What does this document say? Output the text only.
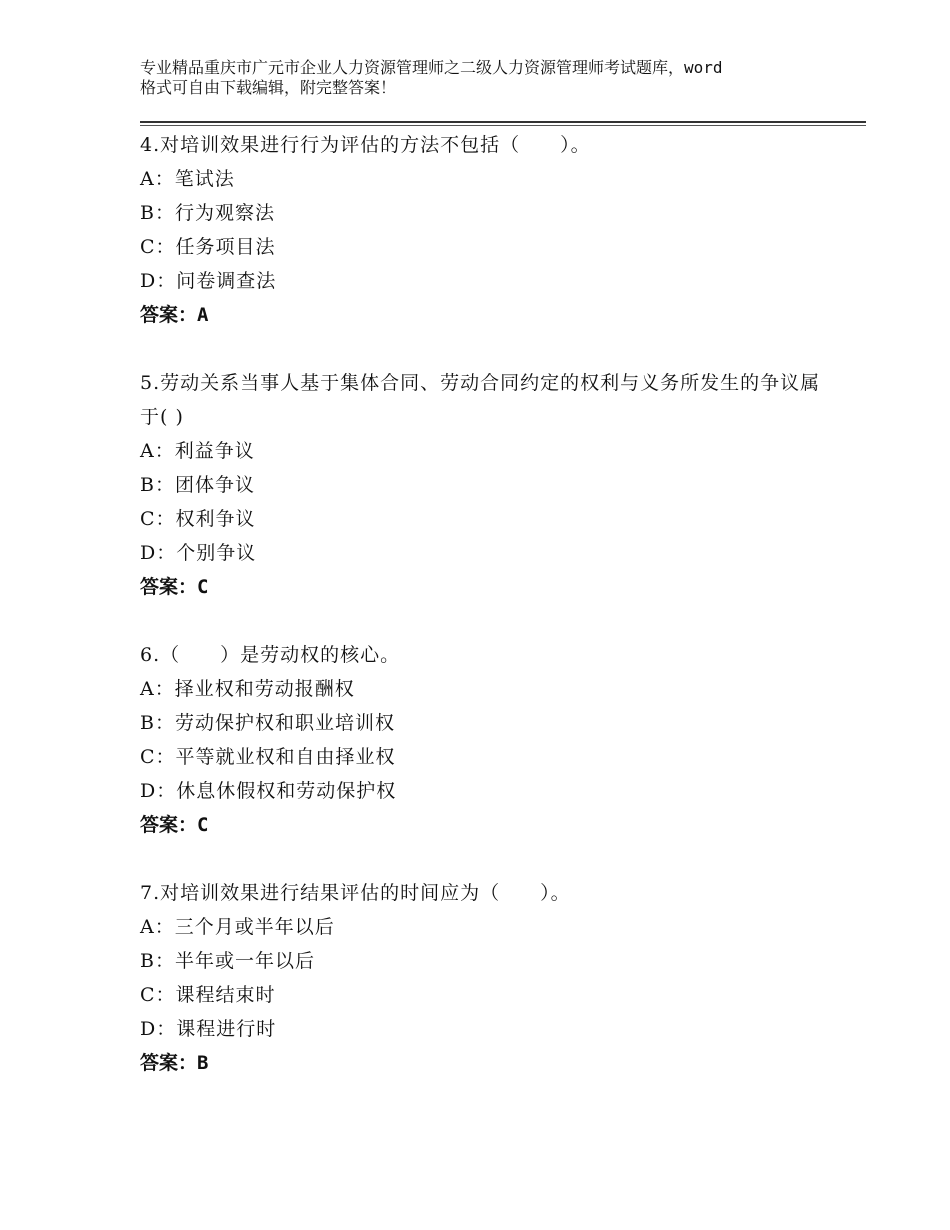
专业精品重庆市广元市企业人力资源管理师之二级人力资源管理师考试题库，word
格式可自由下载编辑，附完整答案！
4.对培训效果进行行为评估的方法不包括（　　）。
A：笔试法
B：行为观察法
C：任务项目法
D：问卷调查法
答案：A
5.劳动关系当事人基于集体合同、劳动合同约定的权利与义务所发生的争议属于( )
A：利益争议
B：团体争议
C：权利争议
D：个别争议
答案：C
6.（　　）是劳动权的核心。
A：择业权和劳动报酬权
B：劳动保护权和职业培训权
C：平等就业权和自由择业权
D：休息休假权和劳动保护权
答案：C
7.对培训效果进行结果评估的时间应为（　　）。
A：三个月或半年以后
B：半年或一年以后
C：课程结束时
D：课程进行时
答案：B
